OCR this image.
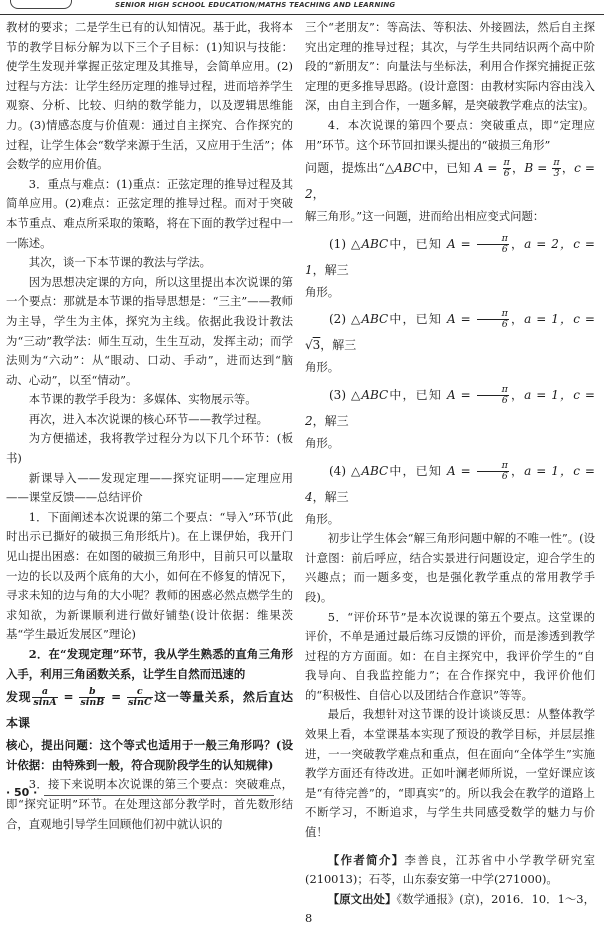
SENIOR HIGH SCHOOL EDUCATION/MATHS TEACHING AND LEARNING

教材的要求；二是学生已有的认知情况。基于此，我将本节的教学目标分解为以下三个子目标：(1)知识与技能：使学生发现并掌握正弦定理及其推导，会简单应用。(2)过程与方法：让学生经历定理的推导过程，进而培养学生观察、分析、比较、归纳的数学能力，以及逻辑思维能力。(3)情感态度与价值观：通过自主探究、合作探究的过程，让学生体会“数学来源于生活，又应用于生活”；体会数学的应用价值。

3．重点与难点：(1)重点：正弦定理的推导过程及其简单应用。(2)难点：正弦定理的推导过程。而对于突破本节重点、难点所采取的策略，将在下面的教学过程中一一陈述。

其次，谈一下本节课的教法与学法。

因为思想决定课的方向，所以这里提出本次说课的第一个要点：那就是本节课的指导思想是：“三主”——教师为主导，学生为主体，探究为主线。依据此我设计教法为“三动”教学法：师生互动，生生互动，发挥主动；而学法则为“六动”：从“眼动、口动、手动”，进而达到“脑动、心动”，以至“情动”。

本节课的教学手段为：多媒体、实物展示等。

再次，进入本次说课的核心环节——教学过程。

为方便描述，我将教学过程分为以下几个环节：(板书)

新课导入——发现定理——探究证明——定理应用——课堂反馈——总结评价

1．下面阐述本次说课的第二个要点：“导入”环节(此时出示已撕好的破损三角形纸片)。在上课伊始，我开门见山提出困惑：在如图的破损三角形中，目前只可以量取一边的长以及两个底角的大小，如何在不修复的情况下，寻求未知的边与角的大小呢？教师的困惑必然点燃学生的求知欲，为新课顺利进行做好铺垫(设计依据：维果茨基“学生最近发展区”理论)

2．在“发现定理”环节，我从学生熟悉的直角三角形入手，利用三角函数关系，让学生自然而迅速的

发现 $\frac{a}{\sin A} = \frac{b}{\sin B} = \frac{c}{\sin C}$ 这一等量关系，然后直达本课

核心，提出问题：这个等式也适用于一般三角形吗？(设计依据：由特殊到一般，符合现阶段学生的认知规律)

3．接下来说明本次说课的第三个要点：突破难点，即“探究证明”环节。在处理这部分教学时，首先数形结合，直观地引导学生回顾他们初中就认识的

三个“老朋友”：等高法、等积法、外接圆法，然后自主探究出定理的推导过程；其次，与学生共同结识两个高中阶段的“新朋友”：向量法与坐标法，利用合作探究捕捉正弦定理的更多推导思路。(设计意图：由教材实际内容由浅入深，由自主到合作，一题多解，是突破教学难点的法宝)。

4．本次说课的第四个要点：突破重点，即“定理应用”环节。这个环节回扣课头提出的“破损三角形”

问题，提炼出“△ABC中，已知 $A = \frac{\pi}{6}$ ，$B = \frac{\pi}{3}$ ，c = 2，

解三角形。”这一问题，进而给出相应变式问题：

(1) △ABC中，已知 $A = \frac{\pi}{6}$ ，a = 2，c = 1，解三

角形。

(2) △ABC中，已知 $A = \frac{\pi}{6}$ ，a = 1，c = √3，解三

角形。

(3) △ABC中，已知 $A = \frac{\pi}{6}$ ，a = 1，c = 2，解三

角形。

(4) △ABC中，已知 $A = \frac{\pi}{6}$ ，a = 1，c = 4，解三

角形。

初步让学生体会“解三角形问题中解的不唯一性”。(设计意图：前后呼应，结合实景进行问题设定，迎合学生的兴趣点；而一题多变，也是强化教学重点的常用教学手段)。

5．“评价环节”是本次说课的第五个要点。这堂课的评价，不单是通过最后练习反馈的评价，而是渗透到教学过程的方方面面。如：在自主探究中，我评价学生的“自我导向、自我监控能力”；在合作探究中，我评价他们的“积极性、自信心以及团结合作意识”等等。

最后，我想针对这节课的设计谈谈反思：从整体教学效果上看，本堂课基本实现了预设的教学目标，并层层推进，一一突破教学难点和重点，但在面向“全体学生”实施教学方面还有待改进。正如叶澜老师所说，一堂好课应该是“有待完善”的，“即真实”的。所以我会在教学的道路上不断学习，不断追求，与学生共同感受数学的魅力与价值！

【作者简介】李善良，江苏省中小学教学研究室(210013)；石苓，山东泰安第一中学(271000)。

【原文出处】《数学通报》(京)，2016．10．1～3，8

· 50 ·
